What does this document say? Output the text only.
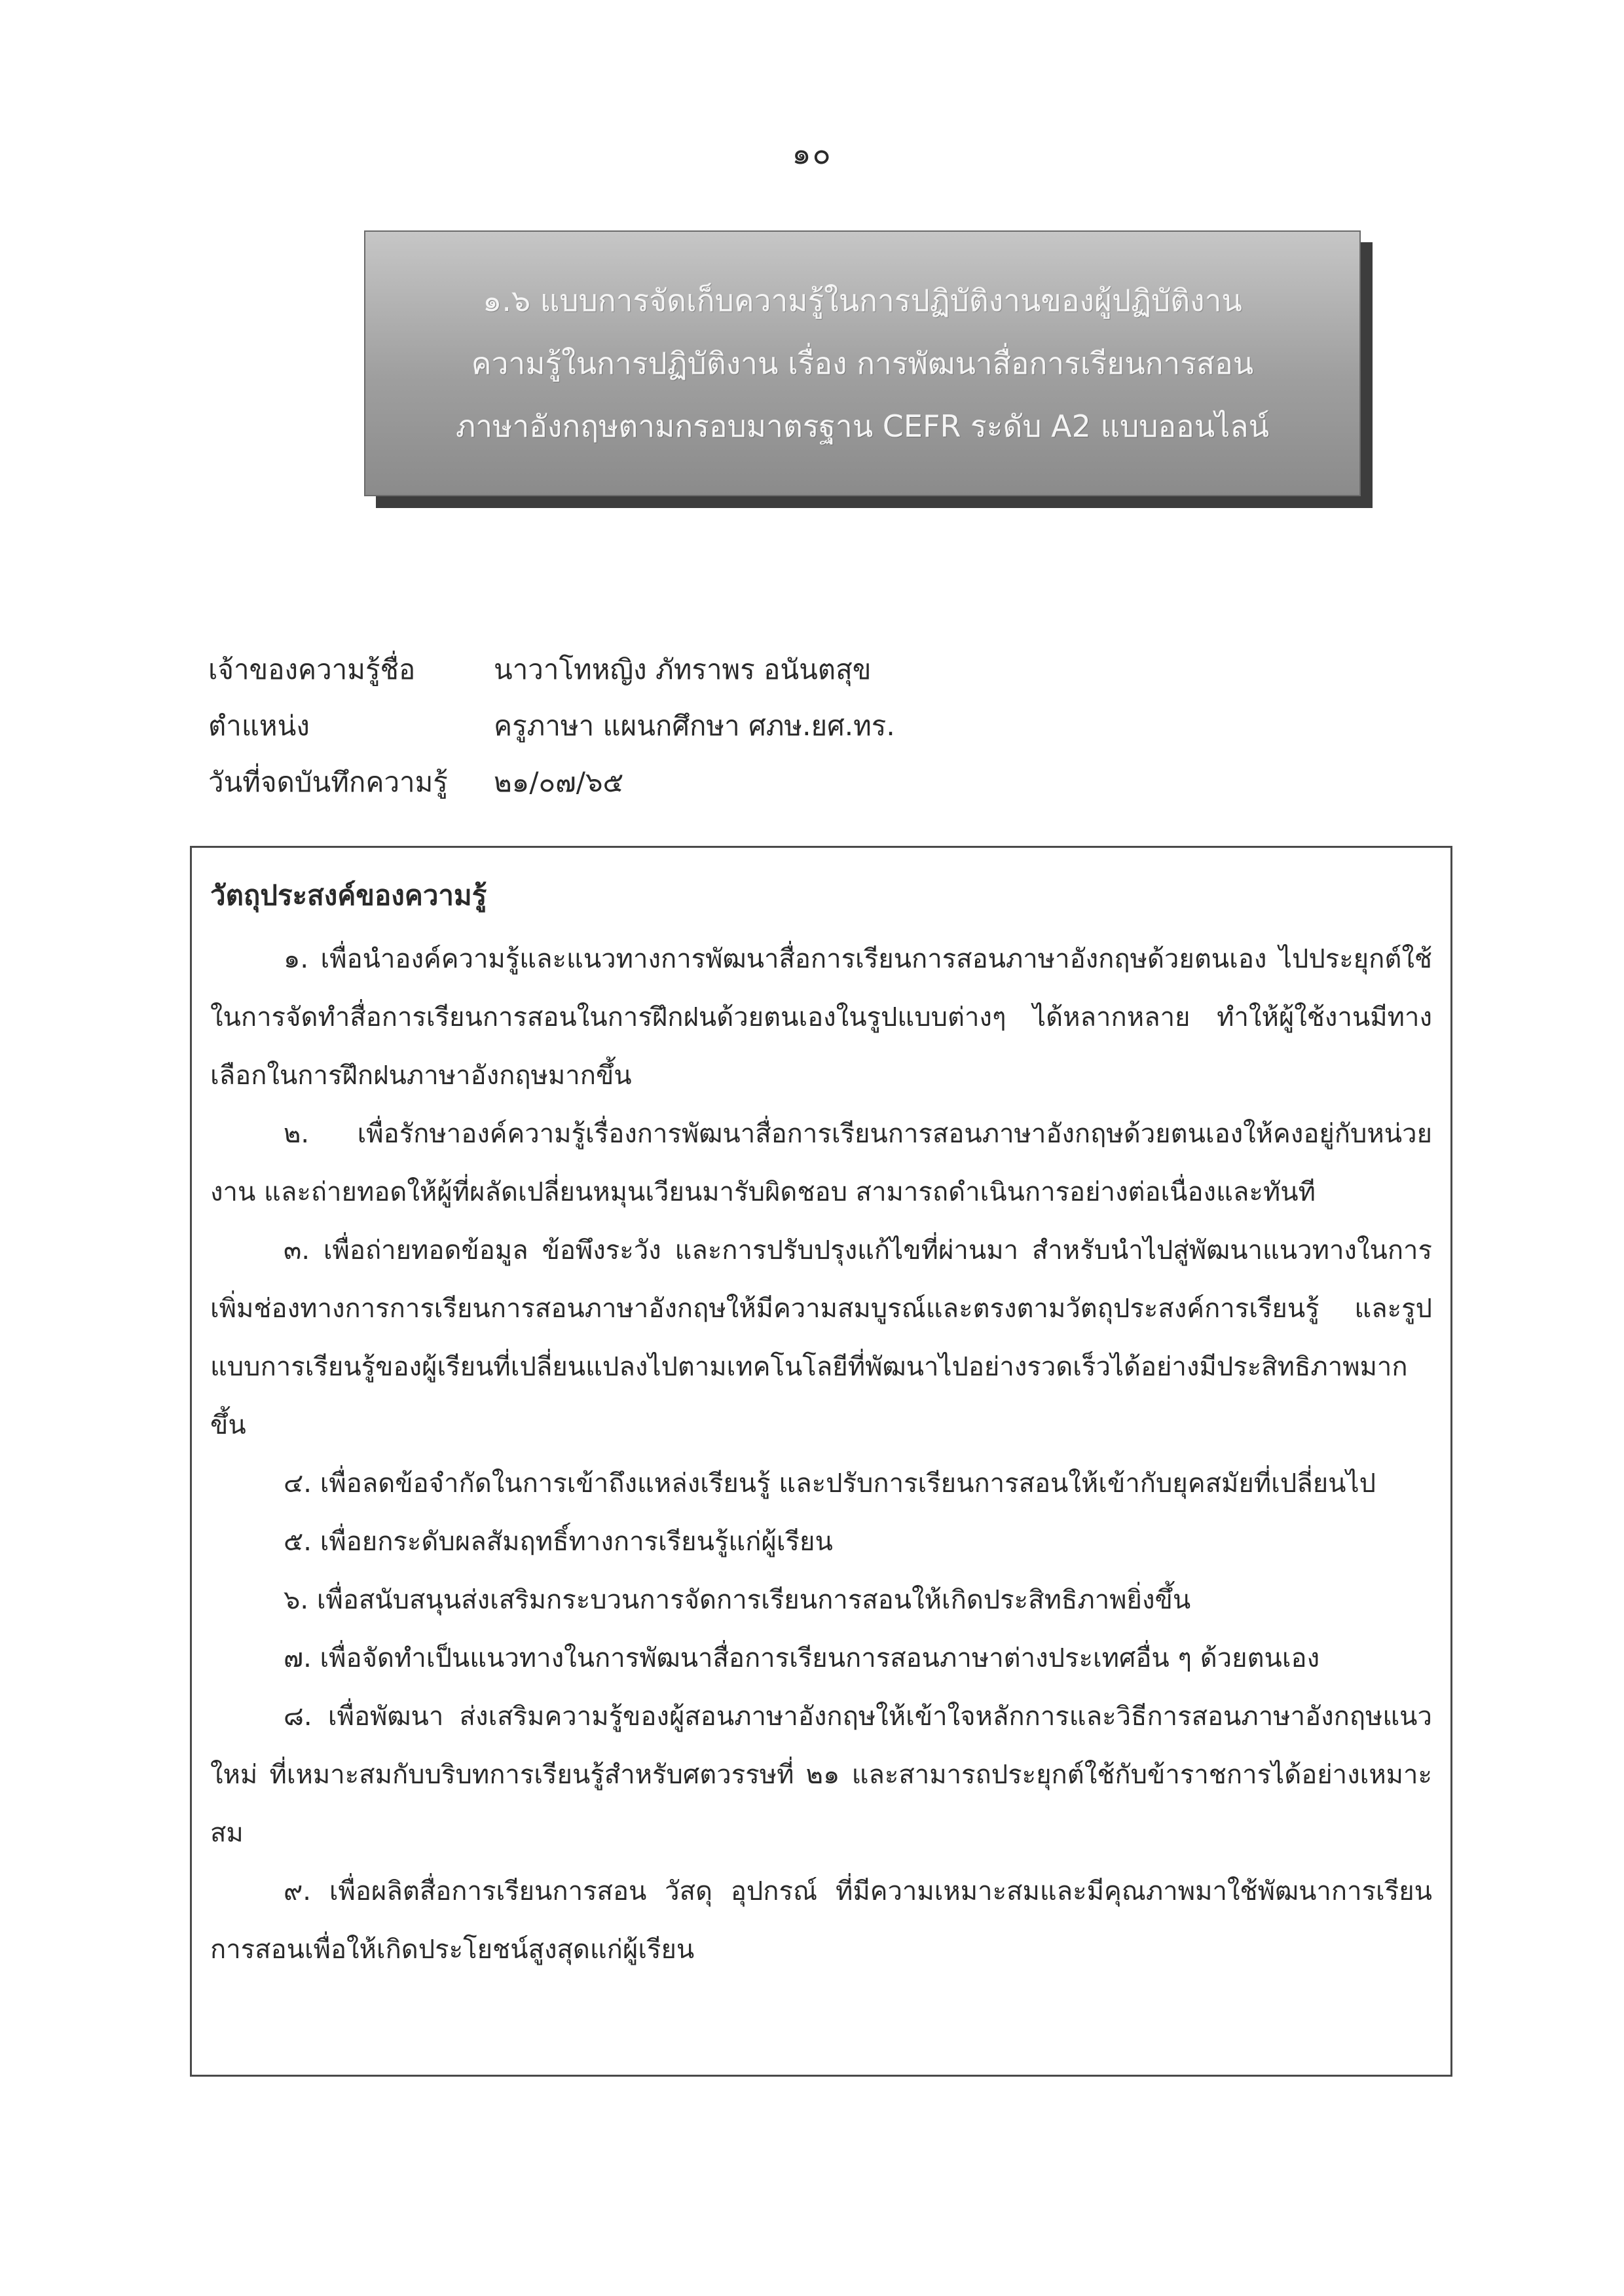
๑๐
๑.๖ แบบการจัดเก็บความรู้ในการปฏิบัติงานของผู้ปฏิบัติงาน
ความรู้ในการปฏิบัติงาน เรื่อง การพัฒนาสื่อการเรียนการสอน
ภาษาอังกฤษตามกรอบมาตรฐาน CEFR ระดับ A2 แบบออนไลน์
เจ้าของความรู้ชื่อ	นาวาโทหญิง ภัทราพร อนันตสุข
ตำแหน่ง	ครูภาษา แผนกศึกษา ศภษ.ยศ.ทร.
วันที่จดบันทึกความรู้	๒๑/๐๗/๖๕
วัตถุประสงค์ของความรู้

๑. เพื่อนำองค์ความรู้และแนวทางการพัฒนาสื่อการเรียนการสอนภาษาอังกฤษด้วยตนเอง ไปประยุกต์ใช้ในการจัดทำสื่อการเรียนการสอนในการฝึกฝนด้วยตนเองในรูปแบบต่างๆ ได้หลากหลาย ทำให้ผู้ใช้งานมีทางเลือกในการฝึกฝนภาษาอังกฤษมากขึ้น

๒. เพื่อรักษาองค์ความรู้เรื่องการพัฒนาสื่อการเรียนการสอนภาษาอังกฤษด้วยตนเองให้คงอยู่กับหน่วยงาน และถ่ายทอดให้ผู้ที่ผลัดเปลี่ยนหมุนเวียนมารับผิดชอบ สามารถดำเนินการอย่างต่อเนื่องและทันที

๓. เพื่อถ่ายทอดข้อมูล ข้อพึงระวัง และการปรับปรุงแก้ไขที่ผ่านมา สำหรับนำไปสู่พัฒนาแนวทางในการเพิ่มช่องทางการการเรียนการสอนภาษาอังกฤษให้มีความสมบูรณ์และตรงตามวัตถุประสงค์การเรียนรู้ และรูปแบบการเรียนรู้ของผู้เรียนที่เปลี่ยนแปลงไปตามเทคโนโลยีที่พัฒนาไปอย่างรวดเร็วได้อย่างมีประสิทธิภาพมากขึ้น

๔. เพื่อลดข้อจำกัดในการเข้าถึงแหล่งเรียนรู้ และปรับการเรียนการสอนให้เข้ากับยุคสมัยที่เปลี่ยนไป

๕. เพื่อยกระดับผลสัมฤทธิ์ทางการเรียนรู้แก่ผู้เรียน

๖. เพื่อสนับสนุนส่งเสริมกระบวนการจัดการเรียนการสอนให้เกิดประสิทธิภาพยิ่งขึ้น

๗. เพื่อจัดทำเป็นแนวทางในการพัฒนาสื่อการเรียนการสอนภาษาต่างประเทศอื่น ๆ ด้วยตนเอง

๘. เพื่อพัฒนา ส่งเสริมความรู้ของผู้สอนภาษาอังกฤษให้เข้าใจหลักการและวิธีการสอนภาษาอังกฤษแนวใหม่ ที่เหมาะสมกับบริบทการเรียนรู้สำหรับศตวรรษที่ ๒๑ และสามารถประยุกต์ใช้กับข้าราชการได้อย่างเหมาะสม

๙. เพื่อผลิตสื่อการเรียนการสอน วัสดุ อุปกรณ์ ที่มีความเหมาะสมและมีคุณภาพมาใช้พัฒนาการเรียนการสอนเพื่อให้เกิดประโยชน์สูงสุดแก่ผู้เรียน
